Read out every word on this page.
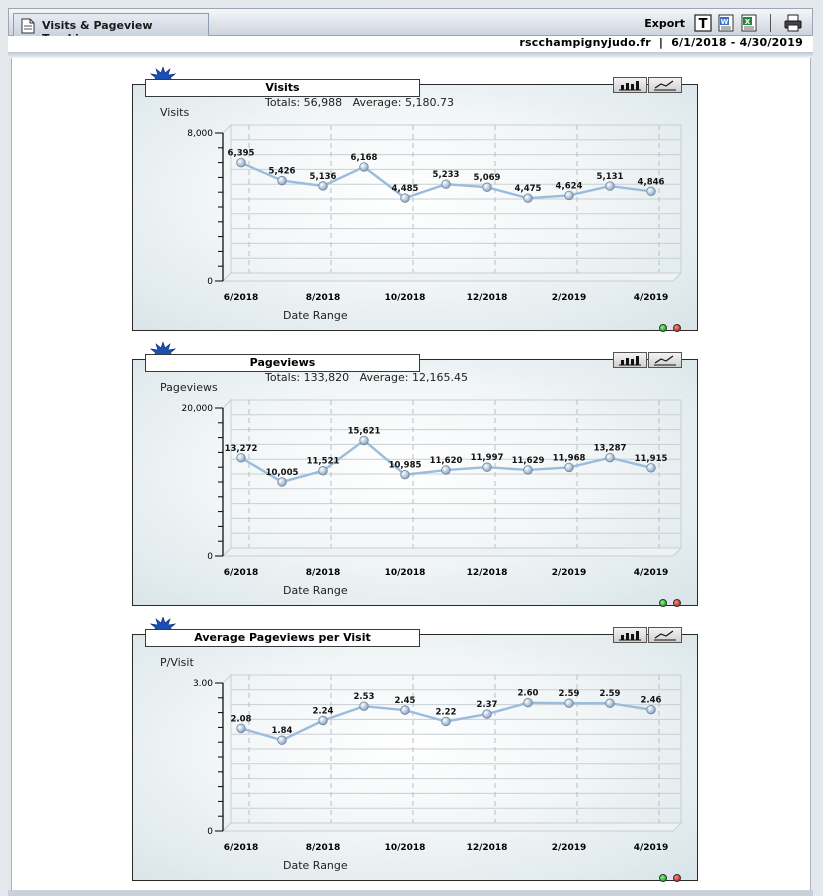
Visits & Pageview	Export T W X
rscchampignyjudo.fr | 6/1/2018 - 4/30/2019
Visits
Totals: 56,988 Average: 5,180.73
Visits
Date Range
0
8,000
6/2018	8/2018	10/2018	12/2018	2/2019	4/2019
6,395
5,426
5,136
6,168
4,485
5,233 5,069
4,475 4,624
5,131
4,846
Pageviews
Totals: 133,820 Average: 12,165.45
Pageviews
Date Range
0
20,000
6/2018	8/2018	10/2018	12/2018	2/2019	4/2019
13,272
10,005
11,521
15,621
10,985 11,620 11,997 11,629 11,968
13,287
11,915
Average Pageviews per Visit
P/Visit
Date Range
0
3.00
6/2018	8/2018	10/2018	12/2018	2/2019	4/2019
2.08
1.84
2.24
2.53 2.45
2.22
2.37
2.60 2.59 2.59
2.46
